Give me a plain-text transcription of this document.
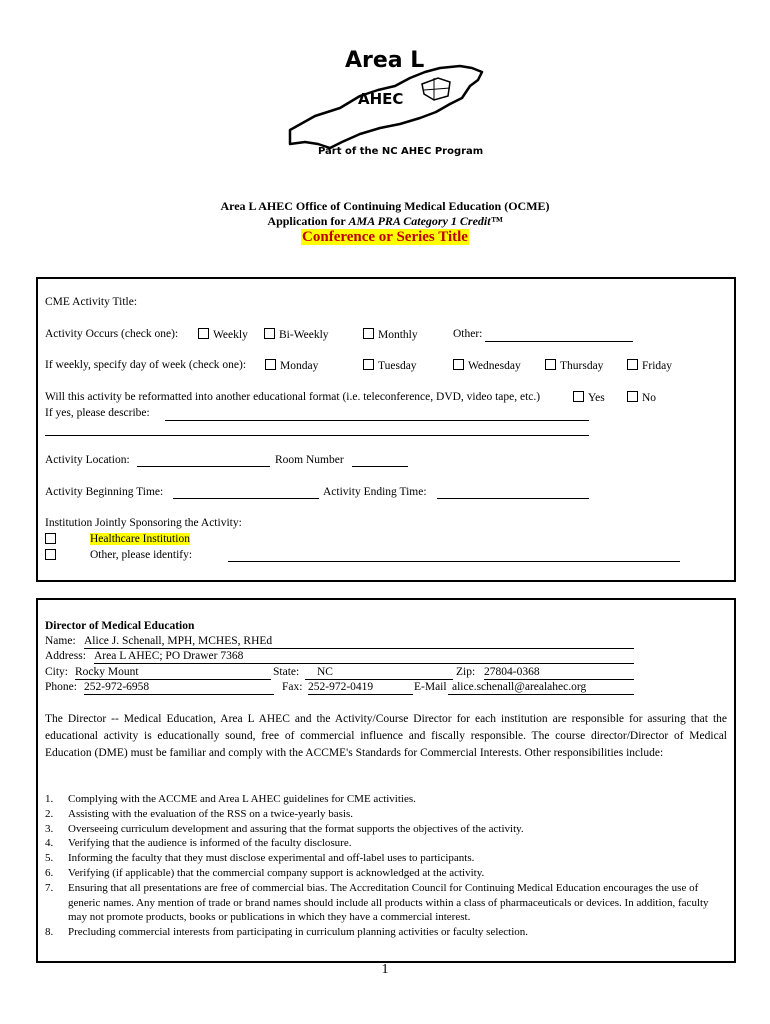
Area L
AHEC
Part of the NC AHEC Program
Area L AHEC Office of Continuing Medical Education (OCME)
Application for AMA PRA Category 1 Credit™
Conference or Series Title
CME Activity Title:
Activity Occurs (check one):	Weekly	Bi-Weekly	Monthly	Other:
If weekly, specify day of week (check one):	Monday	Tuesday	Wednesday	Thursday	Friday
Will this activity be reformatted into another educational format (i.e. teleconference, DVD, video tape, etc.)	Yes	No
If yes, please describe:
Activity Location:	Room Number
Activity Beginning Time:	Activity Ending Time:
Institution Jointly Sponsoring the Activity:
Healthcare Institution
Other, please identify:
Director of Medical Education
Name: Alice J. Schenall, MPH, MCHES, RHEd
Address: Area L AHEC; PO Drawer 7368
City: Rocky Mount	State: NC	Zip: 27804-0368
Phone: 252-972-6958	Fax: 252-972-0419	E-Mail alice.schenall@arealahec.org
The Director -- Medical Education, Area L AHEC and the Activity/Course Director for each institution are responsible for assuring that the educational activity is educationally sound, free of commercial influence and fiscally responsible. The course director/Director of Medical Education (DME) must be familiar and comply with the ACCME's Standards for Commercial Interests. Other responsibilities include:
1. Complying with the ACCME and Area L AHEC guidelines for CME activities.
2. Assisting with the evaluation of the RSS on a twice-yearly basis.
3. Overseeing curriculum development and assuring that the format supports the objectives of the activity.
4. Verifying that the audience is informed of the faculty disclosure.
5. Informing the faculty that they must disclose experimental and off-label uses to participants.
6. Verifying (if applicable) that the commercial company support is acknowledged at the activity.
7. Ensuring that all presentations are free of commercial bias. The Accreditation Council for Continuing Medical Education encourages the use of generic names. Any mention of trade or brand names should include all products within a class of pharmaceuticals or devices. In addition, faculty may not promote products, books or publications in which they have a commercial interest.
8. Precluding commercial interests from participating in curriculum planning activities or faculty selection.
1
